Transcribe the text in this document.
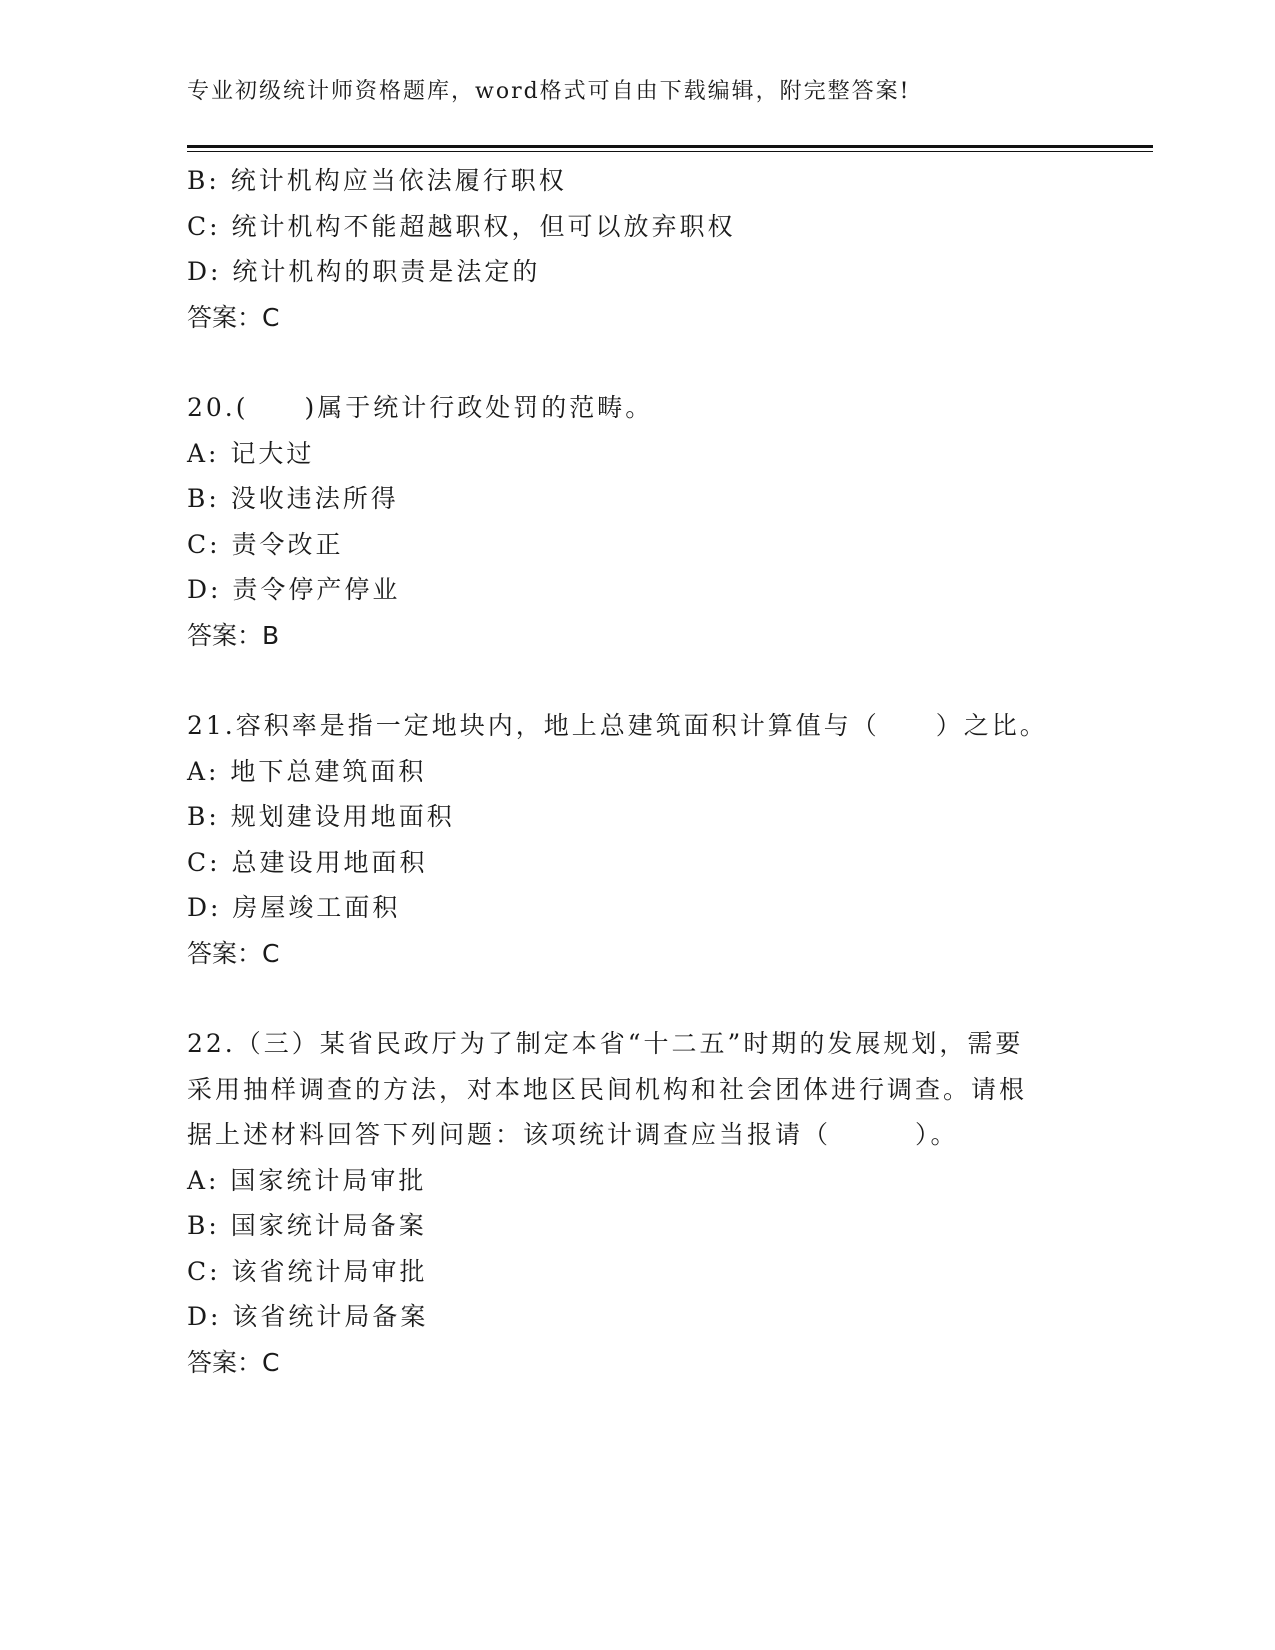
专业初级统计师资格题库，word格式可自由下载编辑，附完整答案!
B: 统计机构应当依法履行职权
C: 统计机构不能超越职权，但可以放弃职权
D: 统计机构的职责是法定的
答案：C
20.(　　)属于统计行政处罚的范畴。
A: 记大过
B: 没收违法所得
C: 责令改正
D: 责令停产停业
答案：B
21.容积率是指一定地块内，地上总建筑面积计算值与（　　）之比。
A: 地下总建筑面积
B: 规划建设用地面积
C: 总建设用地面积
D: 房屋竣工面积
答案：C
22.（三）某省民政厅为了制定本省“十二五”时期的发展规划，需要
采用抽样调查的方法，对本地区民间机构和社会团体进行调查。请根
据上述材料回答下列问题：该项统计调查应当报请（　　　）。
A: 国家统计局审批
B: 国家统计局备案
C: 该省统计局审批
D: 该省统计局备案
答案：C
